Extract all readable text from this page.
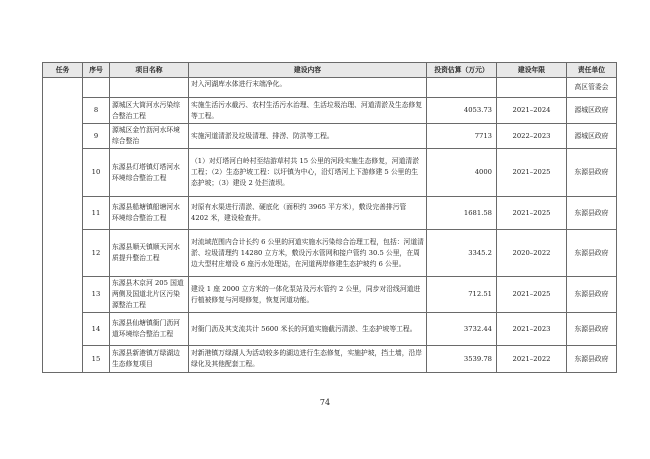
任务	序号	项目名称	建设内容	投资估算（万元）	建设年限	责任单位
			对入河湖库水体进行末端净化。			高区管委会
	8	源城区大筒河水污染综合整治工程	实施生活污水截污、农村生活污水治理、生活垃圾治理、河道清淤及生态修复等工程。	4053.73	2021–2024	源城区政府
	9	源城区金竹沥河水环境综合整治	实施河道清淤及垃圾清理、排涝、防洪等工程。	7713	2022–2023	源城区政府
	10	东源县灯塔镇灯塔河水环境综合整治工程	（1）对灯塔河白岭村至结游草村共 15 公里的河段实施生态修复，河道清淤工程；（2）生态护坡工程：以圩镇为中心，沿灯塔河上下游修建 5 公里的生态护坡；（3）建设 2 处拦渣坝。	4000	2021–2025	东源县政府
	11	东源县船塘镇船塘河水环境综合整治工程	对原有水渠进行清淤、硬底化（面积约 3965 平方米），敷设完善排污管 4202 米，建设检查井。	1681.58	2021–2025	东源县政府
	12	东源县顺天镇顺天河水质提升整治工程	对流域范围内合计长约 6 公里的河道实施水污染综合治理工程，包括：河道清淤、垃圾清理约 14280 立方米，敷设污水管网和接户管约 30.5 公里，在周边大型村庄增设 6 座污水处理站，在河道两岸修建生态护坡约 6 公里。	3345.2	2020–2022	东源县政府
	13	东源县木京河 205 国道两侧及国道北片区污染源整治工程	建设 1 座 2000 立方米的一体化泵站及污水管约 2 公里，同步对沿线河道进行植被修复与河堤修复，恢复河道功能。	712.51	2021–2025	东源县政府
	14	东源县仙塘镇衙门沥河道环境综合整治工程	对衙门沥及其支流共计 5600 米长的河道实施截污清淤、生态护坡等工程。	3732.44	2021–2023	东源县政府
	15	东源县新港镇万绿湖边生态修复项目	对新港镇万绿湖人为活动较多的湖边进行生态修复，实施护坡，挡土墙，沿岸绿化及其他配套工程。	3539.78	2021–2022	东源县政府
74
